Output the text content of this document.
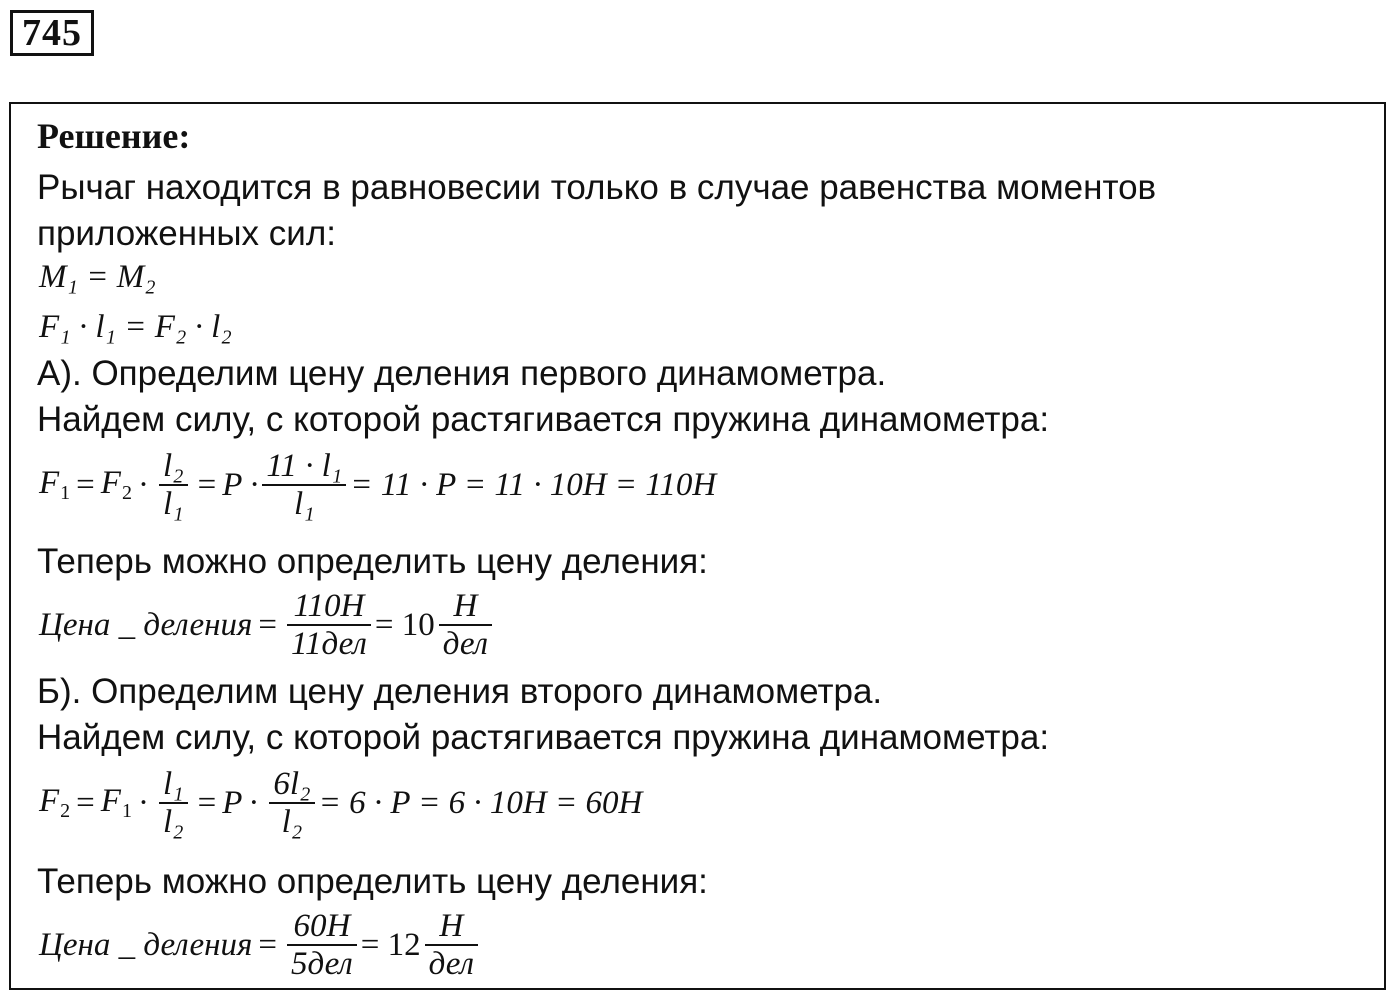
745
Решение:
Рычаг находится в равновесии только в случае равенства моментов
приложенных сил:
M₁ = M₂
F₁ · l₁ = F₂ · l₂
А). Определим цену деления первого динамометра.
Найдем силу, с которой растягивается пружина динамометра:
$F_1 = F_2 \cdot \frac{\text{l₂}}{\text{l₁}} = P \cdot \frac{\text{11 · l₁}}{\text{l₁}} = 11 \cdot P = 11 \cdot 10H = 110H$
Теперь можно определить цену деления:
Цена _ деления = $\frac{110H}{\text{11дел}} = 10 \frac{H}{\text{дел}}$
Б). Определим цену деления второго динамометра.
Найдем силу, с которой растягивается пружина динамометра:
$F_2 = F_1 \cdot \frac{\text{l₁}}{\text{l₂}} = P \cdot \frac{\text{6l₂}}{\text{l₂}} = 6 \cdot P = 6 \cdot 10H = 60H$
Теперь можно определить цену деления:
Цена _ деления = $\frac{60H}{\text{5дел}} = 12 \frac{H}{\text{дел}}$
